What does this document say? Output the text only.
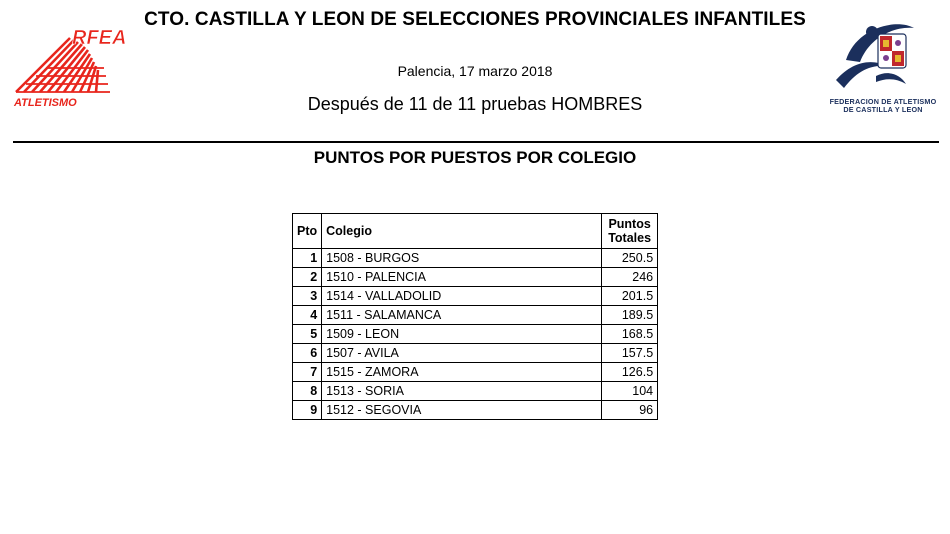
RFEA
ATLETISMO	FEDERACION DE ATLETISMO
DE CASTILLA Y LEON
CTO. CASTILLA Y LEON DE SELECCIONES PROVINCIALES INFANTILES
Palencia, 17 marzo 2018
Después de 11 de 11 pruebas HOMBRES
PUNTOS POR PUESTOS POR COLEGIO
Pto	Colegio	Puntos
Totales
1	1508 - BURGOS	250.5
2	1510 - PALENCIA	246
3	1514 - VALLADOLID	201.5
4	1511 - SALAMANCA	189.5
5	1509 - LEON	168.5
6	1507 - AVILA	157.5
7	1515 - ZAMORA	126.5
8	1513 - SORIA	104
9	1512 - SEGOVIA	96
